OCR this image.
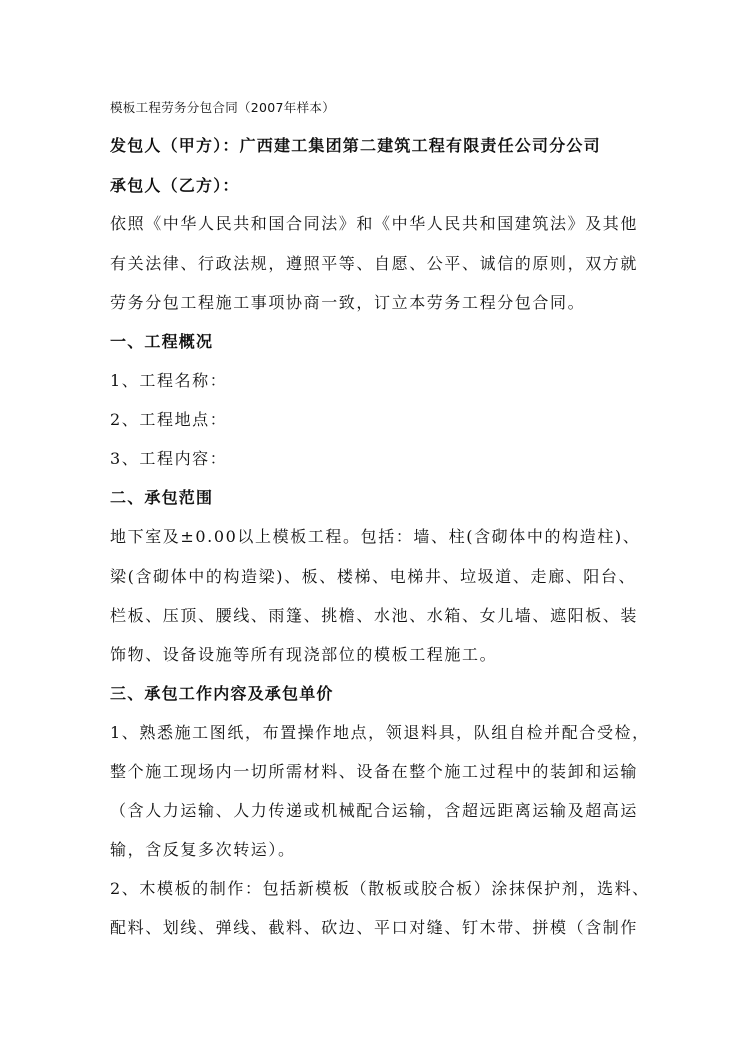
模板工程劳务分包合同（2007年样本）
发包人（甲方）：广西建工集团第二建筑工程有限责任公司分公司
承包人（乙方）：
依照《中华人民共和国合同法》和《中华人民共和国建筑法》及其他
有关法律、行政法规，遵照平等、自愿、公平、诚信的原则，双方就
劳务分包工程施工事项协商一致，订立本劳务工程分包合同。
一、工程概况
1、工程名称：
2、工程地点：
3、工程内容：
二、承包范围
地下室及±0.00以上模板工程。包括：墙、柱(含砌体中的构造柱)、
梁(含砌体中的构造梁)、板、楼梯、电梯井、垃圾道、走廊、阳台、
栏板、压顶、腰线、雨篷、挑檐、水池、水箱、女儿墙、遮阳板、装
饰物、设备设施等所有现浇部位的模板工程施工。
三、承包工作内容及承包单价
1、熟悉施工图纸，布置操作地点，领退料具，队组自检并配合受检，
整个施工现场内一切所需材料、设备在整个施工过程中的装卸和运输
（含人力运输、人力传递或机械配合运输，含超远距离运输及超高运
输，含反复多次转运）。
2、木模板的制作：包括新模板（散板或胶合板）涂抹保护剂，选料、
配料、划线、弹线、截料、砍边、平口对缝、钉木带、拼模（含制作
